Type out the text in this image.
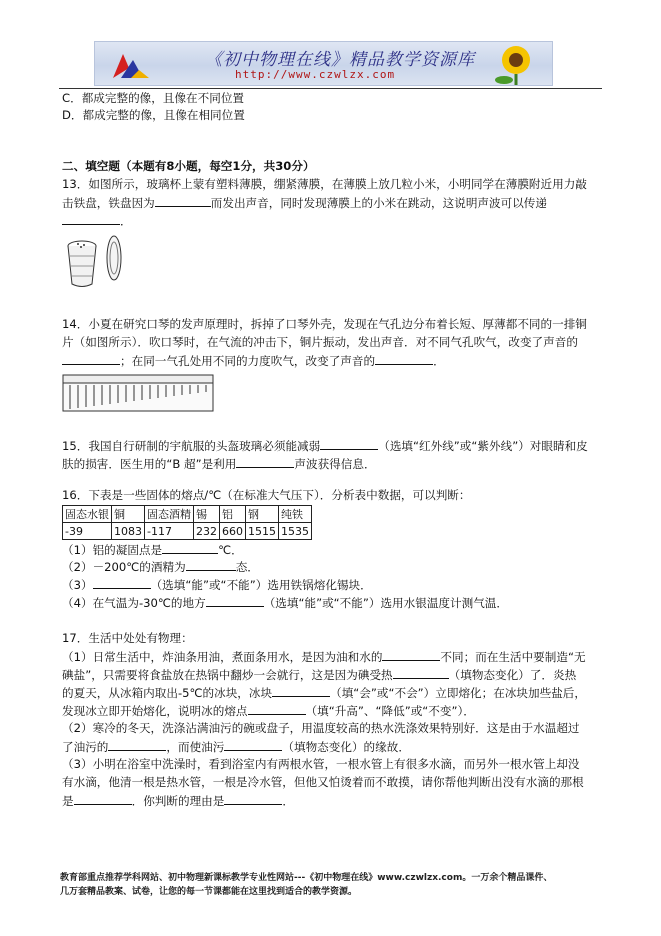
《初中物理在线》精品教学资源库
http://www.czwlzx.com
C．都成完整的像，且像在不同位置
D．都成完整的像，且像在相同位置
二、填空题（本题有8小题，每空1分，共30分）
13．如图所示，玻璃杯上蒙有塑料薄膜，绷紧薄膜，在薄膜上放几粒小米，小明同学在薄膜附近用力敲
击铁盘，铁盘因为	而发出声音，同时发现薄膜上的小米在跳动，这说明声波可以传递
．
14．小夏在研究口琴的发声原理时，拆掉了口琴外壳，发现在气孔边分布着长短、厚薄都不同的一排铜
片（如图所示）．吹口琴时，在气流的冲击下，铜片振动，发出声音．对不同气孔吹气，改变了声音的
；在同一气孔处用不同的力度吹气，改变了声音的	．
15．我国自行研制的宇航服的头盔玻璃必须能减弱	（选填“红外线”或“紫外线”）对眼睛和皮
肤的损害．医生用的“B 超”是利用	声波获得信息．
16．下表是一些固体的熔点/℃（在标准大气压下）．分析表中数据，可以判断：
固态水银	铜	固态酒精	锡	铝	钢	纯铁
-39	1083	-117	232	660	1515	1535
（1）铝的凝固点是	℃．
（2）－200℃的酒精为	态．
（3）	（选填“能”或“不能”）选用铁锅熔化锡块．
（4）在气温为-30℃的地方	（选填“能”或“不能”）选用水银温度计测气温．
17．生活中处处有物理：
（1）日常生活中，炸油条用油，煮面条用水，是因为油和水的	不同；而在生活中要制造“无
碘盐”，只需要将食盐放在热锅中翻炒一会就行，这是因为碘受热	（填物态变化）了．炎热
的夏天，从冰箱内取出-5℃的冰块，冰块	（填“会”或“不会”）立即熔化；在冰块加些盐后，
发现冰立即开始熔化，说明冰的熔点	（填“升高”、“降低”或“不变”）．
（2）寒冷的冬天，洗涤沾满油污的碗或盘子，用温度较高的热水洗涤效果特别好．这是由于水温超过
了油污的	，而使油污	（填物态变化）的缘故．
（3）小明在浴室中洗澡时，看到浴室内有两根水管，一根水管上有很多水滴，而另外一根水管上却没
有水滴，他清一根是热水管，一根是冷水管，但他又怕烫着而不敢摸，请你帮他判断出没有水滴的那根
是	．你判断的理由是	．
教育部重点推荐学科网站、初中物理新课标教学专业性网站---《初中物理在线》www.czwlzx.com。一万余个精品课件、
几万套精品教案、试卷，让您的每一节课都能在这里找到适合的教学资源。
